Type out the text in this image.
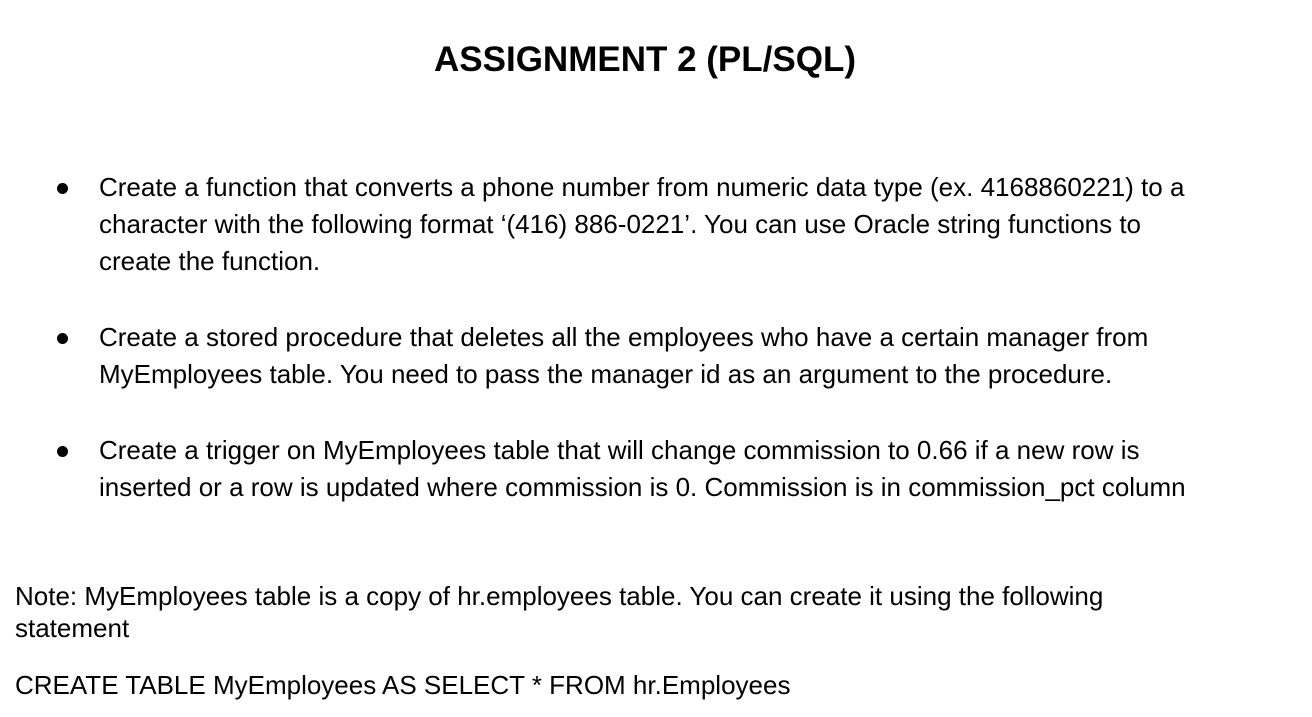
ASSIGNMENT 2 (PL/SQL)
Create a function that converts a phone number from numeric data type (ex. 4168860221) to a
character with the following format ‘(416) 886-0221’. You can use Oracle string functions to
create the function.
Create a stored procedure that deletes all the employees who have a certain manager from
MyEmployees table. You need to pass the manager id as an argument to the procedure.
Create a trigger on MyEmployees table that will change commission to 0.66 if a new row is
inserted or a row is updated where commission is 0. Commission is in commission_pct column
Note: MyEmployees table is a copy of hr.employees table. You can create it using the following
statement
CREATE TABLE MyEmployees AS SELECT * FROM hr.Employees
